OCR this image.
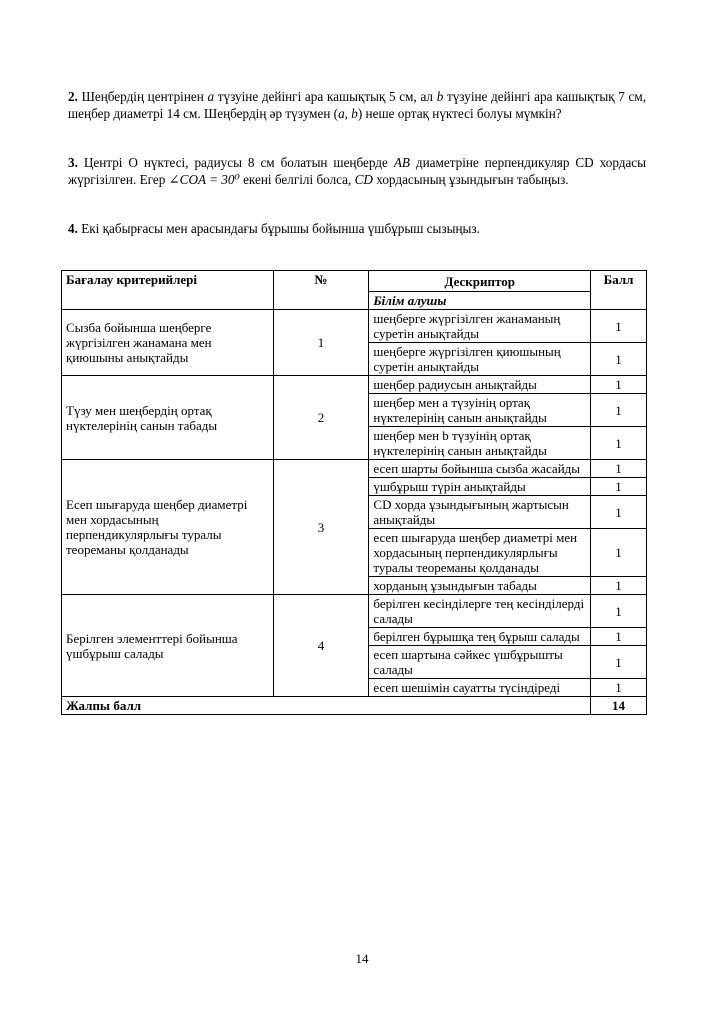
2. Шеңбердің центрінен a түзуіне дейінгі ара кашықтық 5 см, ал b түзуіне дейінгі ара кашықтық 7 см, шеңбер диаметрі 14 см. Шеңбердің әр түзумен (a, b) неше ортақ нүктесі болуы мүмкін?
3. Центрі О нүктесі, радиусы 8 см болатын шеңберде AB диаметріне перпендикуляр CD хордасы жүргізілген. Егер ∠COA = 30⁰ екені белгілі болса, CD хордасының ұзындығын табыңыз.
4. Екі қабырғасы мен арасындағы бұрышы бойынша үшбұрыш сызыңыз.
Бағалау критерийлері	№	Дескриптор	Балл
		Білім алушы	
Сызба бойынша шеңберге жүргізілген жанамана мен қиюшыны анықтайды	1	шеңберге жүргізілген жанаманың суретін анықтайды	1
		шеңберге жүргізілген қиюшының суретін анықтайды	1
Түзу мен шеңбердің ортақ нүктелерінің санын табады	2	шеңбер радиусын анықтайды	1
		шеңбер мен a түзуінің ортақ нүктелерінің санын анықтайды	1
		шеңбер мен b түзуінің ортақ нүктелерінің санын анықтайды	1
Есеп шығаруда шеңбер диаметрі мен хордасының перпендикулярлығы туралы теореманы қолданады	3	есеп шарты бойынша сызба жасайды	1
		үшбұрыш түрін анықтайды	1
		CD хорда ұзындығының жартысын анықтайды	1
		есеп шығаруда шеңбер диаметрі мен хордасының перпендикулярлығы туралы теореманы қолданады	1
		хорданың ұзындығын табады	1
Берілген элементтері бойынша үшбұрыш салады	4	берілген кесінділерге тең кесінділерді салады	1
		берілген бұрышқа тең бұрыш салады	1
		есеп шартына сәйкес үшбұрышты салады	1
		есеп шешімін сауатты түсіндіреді	1
Жалпы балл			14
14
